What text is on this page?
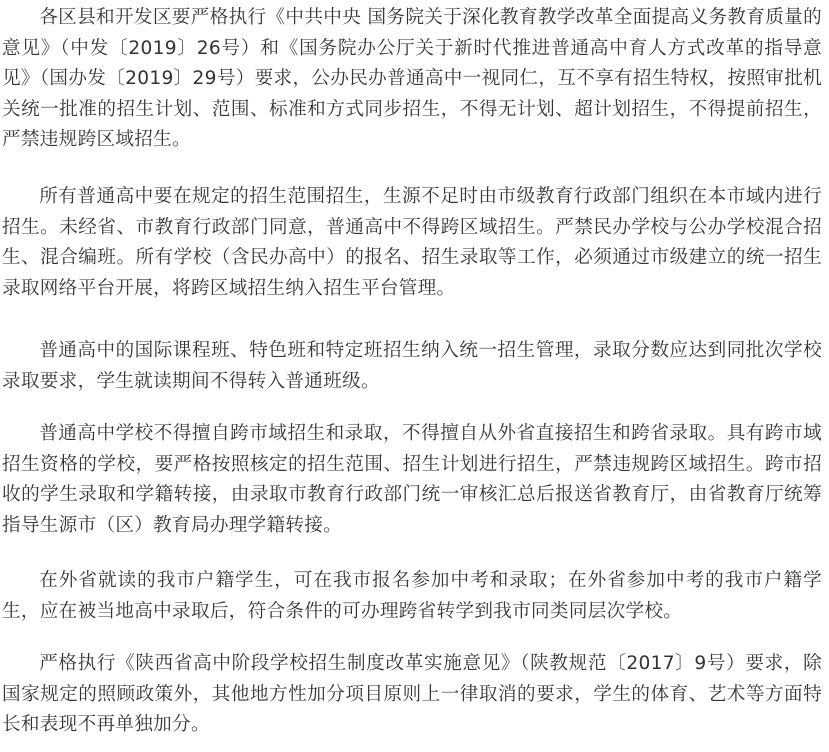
各区县和开发区要严格执行《中共中央 国务院关于深化教育教学改革全面提高义务教育质量的意见》（中发〔2019〕26号）和《国务院办公厅关于新时代推进普通高中育人方式改革的指导意见》（国办发〔2019〕29号）要求，公办民办普通高中一视同仁，互不享有招生特权，按照审批机关统一批准的招生计划、范围、标准和方式同步招生，不得无计划、超计划招生，不得提前招生，严禁违规跨区域招生。

所有普通高中要在规定的招生范围招生，生源不足时由市级教育行政部门组织在本市域内进行招生。未经省、市教育行政部门同意，普通高中不得跨区域招生。严禁民办学校与公办学校混合招生、混合编班。所有学校（含民办高中）的报名、招生录取等工作，必须通过市级建立的统一招生录取网络平台开展，将跨区域招生纳入招生平台管理。

普通高中的国际课程班、特色班和特定班招生纳入统一招生管理，录取分数应达到同批次学校录取要求，学生就读期间不得转入普通班级。

普通高中学校不得擅自跨市域招生和录取，不得擅自从外省直接招生和跨省录取。具有跨市域招生资格的学校，要严格按照核定的招生范围、招生计划进行招生，严禁违规跨区域招生。跨市招收的学生录取和学籍转接，由录取市教育行政部门统一审核汇总后报送省教育厅，由省教育厅统筹指导生源市（区）教育局办理学籍转接。

在外省就读的我市户籍学生，可在我市报名参加中考和录取；在外省参加中考的我市户籍学生，应在被当地高中录取后，符合条件的可办理跨省转学到我市同类同层次学校。

严格执行《陕西省高中阶段学校招生制度改革实施意见》（陕教规范〔2017〕9号）要求，除国家规定的照顾政策外，其他地方性加分项目原则上一律取消的要求，学生的体育、艺术等方面特长和表现不再单独加分。
